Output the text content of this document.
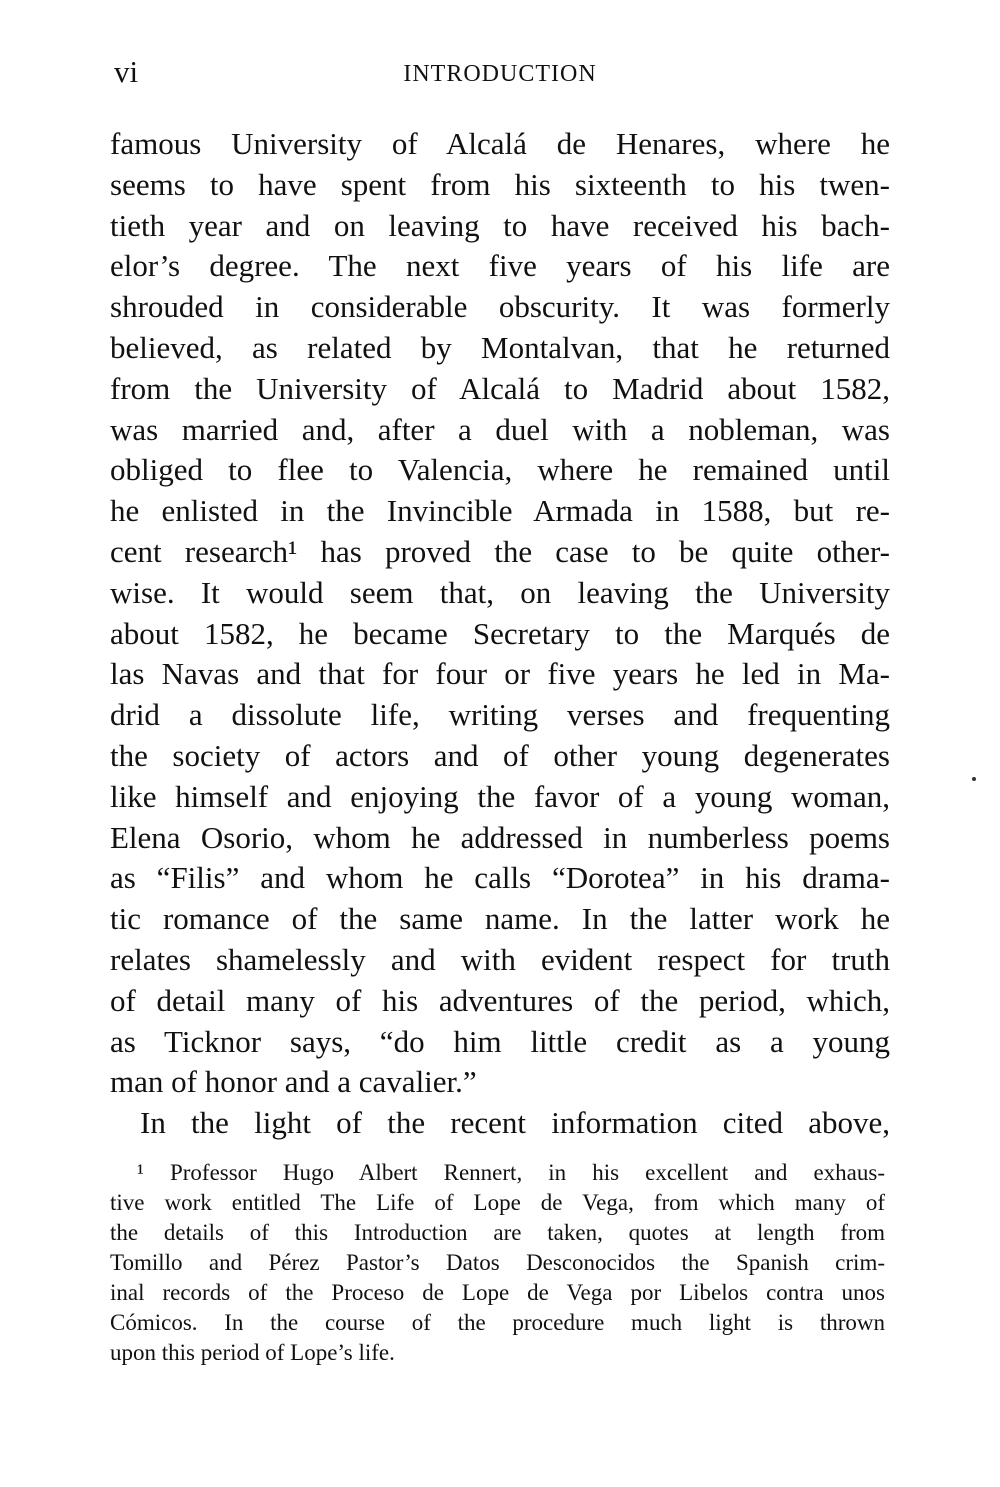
vi	INTRODUCTION
famous University of Alcalá de Henares, where he
seems to have spent from his sixteenth to his twen-
tieth year and on leaving to have received his bach-
elor’s degree. The next five years of his life are
shrouded in considerable obscurity. It was formerly
believed, as related by Montalvan, that he returned
from the University of Alcalá to Madrid about 1582,
was married and, after a duel with a nobleman, was
obliged to flee to Valencia, where he remained until
he enlisted in the Invincible Armada in 1588, but re-
cent research¹ has proved the case to be quite other-
wise. It would seem that, on leaving the University
about 1582, he became Secretary to the Marqués de
las Navas and that for four or five years he led in Ma-
drid a dissolute life, writing verses and frequenting
the society of actors and of other young degenerates
like himself and enjoying the favor of a young woman,
Elena Osorio, whom he addressed in numberless poems
as “Filis” and whom he calls “Dorotea” in his drama-
tic romance of the same name. In the latter work he
relates shamelessly and with evident respect for truth
of detail many of his adventures of the period, which,
as Ticknor says, “do him little credit as a young
man of honor and a cavalier.”
In the light of the recent information cited above,
¹ Professor Hugo Albert Rennert, in his excellent and exhaus-
tive work entitled The Life of Lope de Vega, from which many of
the details of this Introduction are taken, quotes at length from
Tomillo and Pérez Pastor’s Datos Desconocidos the Spanish crim-
inal records of the Proceso de Lope de Vega por Libelos contra unos
Cómicos. In the course of the procedure much light is thrown
upon this period of Lope’s life.
